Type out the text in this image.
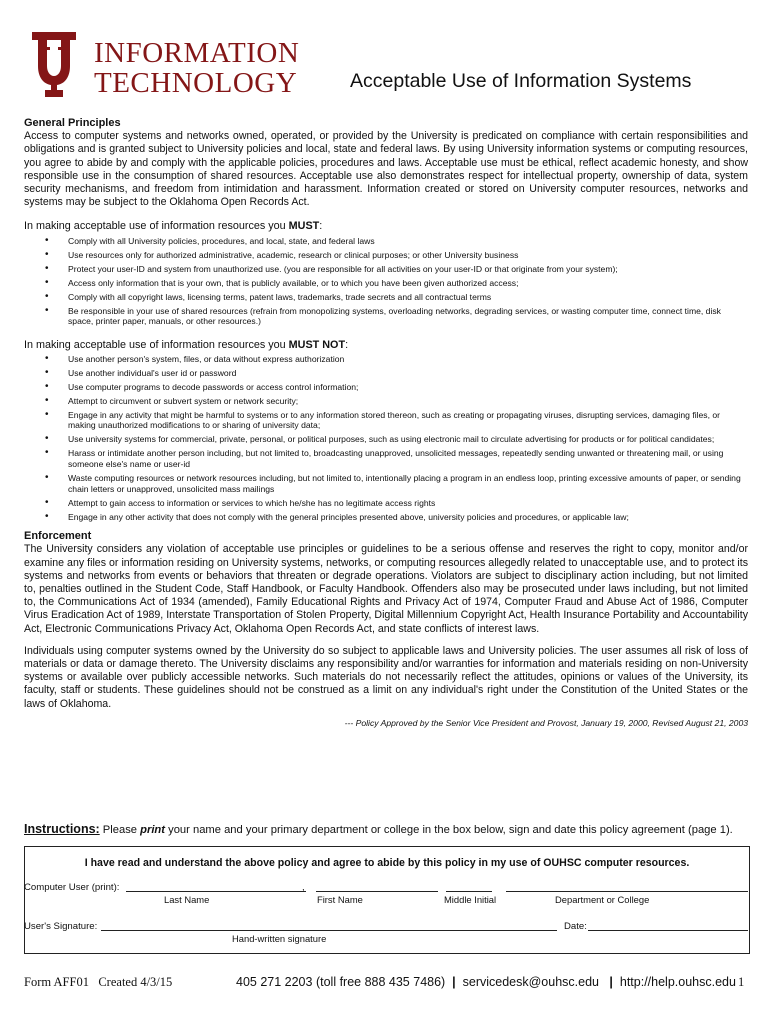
INFORMATION
TECHNOLOGY	Acceptable Use of Information Systems
General Principles

Access to computer systems and networks owned, operated, or provided by the University is predicated on compliance with certain responsibilities and obligations and is granted subject to University policies and local, state and federal laws. By using University information systems or computing resources, you agree to abide by and comply with the applicable policies, procedures and laws. Acceptable use must be ethical, reflect academic honesty, and show responsible use in the consumption of shared resources. Acceptable use also demonstrates respect for intellectual property, ownership of data, system security mechanisms, and freedom from intimidation and harassment. Information created or stored on University computer resources, networks and systems may be subject to the Oklahoma Open Records Act.

In making acceptable use of information resources you MUST:
• Comply with all University policies, procedures, and local, state, and federal laws
• Use resources only for authorized administrative, academic, research or clinical purposes; or other University business
• Protect your user-ID and system from unauthorized use. (you are responsible for all activities on your user-ID or that originate from your system);
• Access only information that is your own, that is publicly available, or to which you have been given authorized access;
• Comply with all copyright laws, licensing terms, patent laws, trademarks, trade secrets and all contractual terms
• Be responsible in your use of shared resources (refrain from monopolizing systems, overloading networks, degrading services, or wasting computer time, connect time, disk space, printer paper, manuals, or other resources.)
In making acceptable use of information resources you MUST NOT:
• Use another person's system, files, or data without express authorization
• Use another individual's user id or password
• Use computer programs to decode passwords or access control information;
• Attempt to circumvent or subvert system or network security;
• Engage in any activity that might be harmful to systems or to any information stored thereon, such as creating or propagating viruses, disrupting services, damaging files, or making unauthorized modifications to or sharing of university data;
• Use university systems for commercial, private, personal, or political purposes, such as using electronic mail to circulate advertising for products or for political candidates;
• Harass or intimidate another person including, but not limited to, broadcasting unapproved, unsolicited messages, repeatedly sending unwanted or threatening mail, or using someone else's name or user-id
• Waste computing resources or network resources including, but not limited to, intentionally placing a program in an endless loop, printing excessive amounts of paper, or sending chain letters or unapproved, unsolicited mass mailings
• Attempt to gain access to information or services to which he/she has no legitimate access rights
• Engage in any other activity that does not comply with the general principles presented above, university policies and procedures, or applicable law;
Enforcement

The University considers any violation of acceptable use principles or guidelines to be a serious offense and reserves the right to copy, monitor and/or examine any files or information residing on University systems, networks, or computing resources allegedly related to unacceptable use, and to protect its systems and networks from events or behaviors that threaten or degrade operations. Violators are subject to disciplinary action including, but not limited to, penalties outlined in the Student Code, Staff Handbook, or Faculty Handbook. Offenders also may be prosecuted under laws including, but not limited to, the Communications Act of 1934 (amended), Family Educational Rights and Privacy Act of 1974, Computer Fraud and Abuse Act of 1986, Computer Virus Eradication Act of 1989, Interstate Transportation of Stolen Property, Digital Millennium Copyright Act, Health Insurance Portability and Accountability Act, Electronic Communications Privacy Act, Oklahoma Open Records Act, and state conflicts of interest laws.

Individuals using computer systems owned by the University do so subject to applicable laws and University policies. The user assumes all risk of loss of materials or data or damage thereto. The University disclaims any responsibility and/or warranties for information and materials residing on non-University systems or available over publicly accessible networks. Such materials do not necessarily reflect the attitudes, opinions or values of the University, its faculty, staff or students. These guidelines should not be construed as a limit on any individual's right under the Constitution of the United States or the laws of Oklahoma.

--- Policy Approved by the Senior Vice President and Provost, January 19, 2000, Revised August 21, 2003
Instructions: Please print your name and your primary department or college in the box below, sign and date this policy agreement (page 1).
I have read and understand the above policy and agree to abide by this policy in my use of OUHSC computer resources.
Computer User (print):	,
Last Name	First Name	Middle Initial	Department or College
User's Signature:	Date:
Hand-written signature
Form AFF01 Created 4/3/15	405 271 2203 (toll free 888 435 7486) | servicedesk@ouhsc.edu | http://help.ouhsc.edu 1
